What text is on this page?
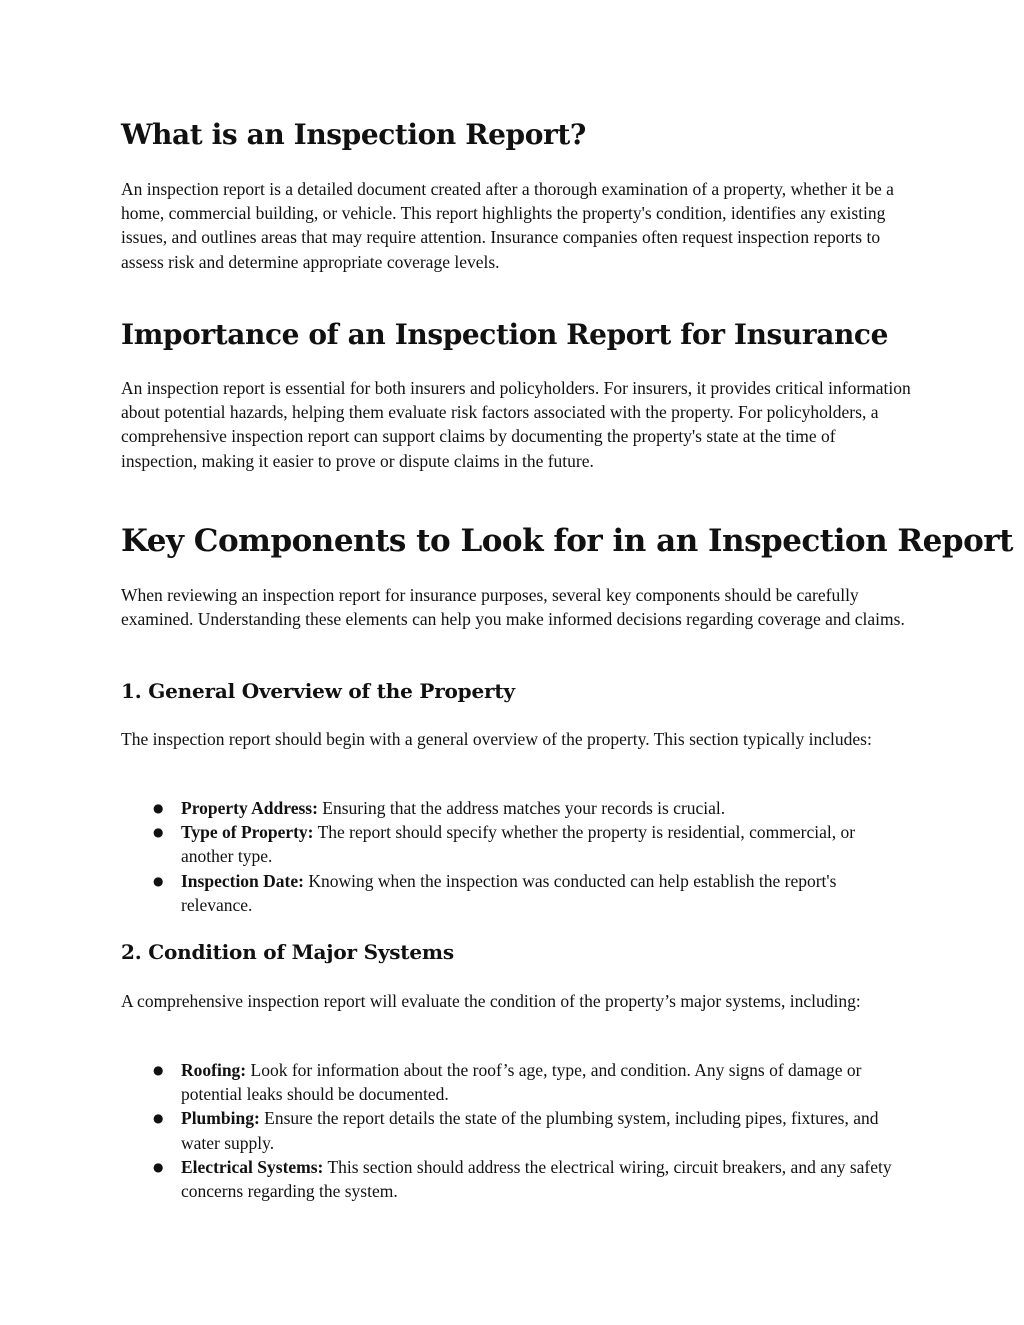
What is an Inspection Report?

An inspection report is a detailed document created after a thorough examination of a property, whether it be a home, commercial building, or vehicle. This report highlights the property's condition, identifies any existing issues, and outlines areas that may require attention. Insurance companies often request inspection reports to assess risk and determine appropriate coverage levels.

Importance of an Inspection Report for Insurance

An inspection report is essential for both insurers and policyholders. For insurers, it provides critical information about potential hazards, helping them evaluate risk factors associated with the property. For policyholders, a comprehensive inspection report can support claims by documenting the property's state at the time of inspection, making it easier to prove or dispute claims in the future.

Key Components to Look for in an Inspection Report

When reviewing an inspection report for insurance purposes, several key components should be carefully examined. Understanding these elements can help you make informed decisions regarding coverage and claims.

1. General Overview of the Property

The inspection report should begin with a general overview of the property. This section typically includes:

● Property Address: Ensuring that the address matches your records is crucial.
● Type of Property: The report should specify whether the property is residential, commercial, or another type.
● Inspection Date: Knowing when the inspection was conducted can help establish the report's relevance.
2. Condition of Major Systems

A comprehensive inspection report will evaluate the condition of the property’s major systems, including:

● Roofing: Look for information about the roof’s age, type, and condition. Any signs of damage or potential leaks should be documented.
● Plumbing: Ensure the report details the state of the plumbing system, including pipes, fixtures, and water supply.
● Electrical Systems: This section should address the electrical wiring, circuit breakers, and any safety concerns regarding the system.
